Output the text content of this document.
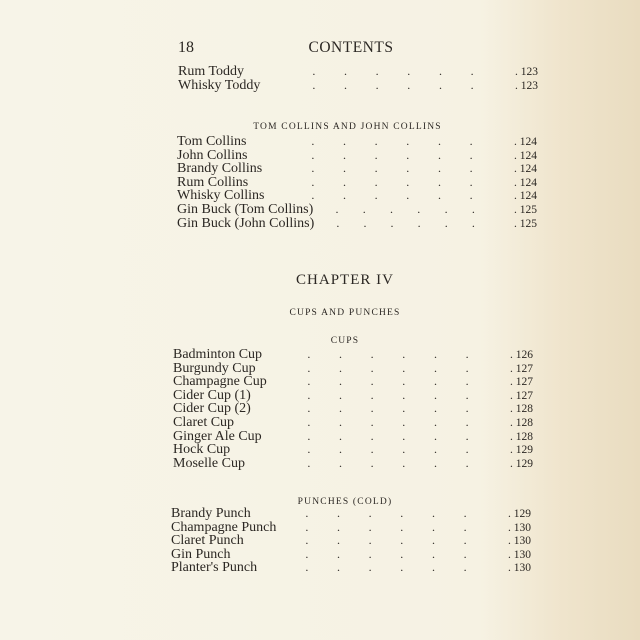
18	CONTENTS
Rum Toddy	. . . . . .	. 123
Whisky Toddy	. . . . . .	. 123
TOM COLLINS AND JOHN COLLINS
Tom Collins	. . . . . .	. 124
John Collins	. . . . . .	. 124
Brandy Collins	. . . . . .	. 124
Rum Collins	. . . . . .	. 124
Whisky Collins	. . . . . .	. 124
Gin Buck (Tom Collins) . . . . . .	. 125
Gin Buck (John Collins) . . . . . .	. 125
CHAPTER IV
CUPS AND PUNCHES
CUPS
Badminton Cup	. . . . . .	. 126
Burgundy Cup	. . . . . .	. 127
Champagne Cup	. . . . . .	. 127
Cider Cup (1)	. . . . . .	. 127
Cider Cup (2)	. . . . . .	. 128
Claret Cup	. . . . . .	. 128
Ginger Ale Cup	. . . . . .	. 128
Hock Cup	. . . . . .	. 129
Moselle Cup	. . . . . .	. 129
PUNCHES (COLD)
Brandy Punch	. . . . . .	. 129
Champagne Punch	. . . . . .	. 130
Claret Punch	. . . . . .	. 130
Gin Punch	. . . . . .	. 130
Planter's Punch	. . . . . .	. 130
